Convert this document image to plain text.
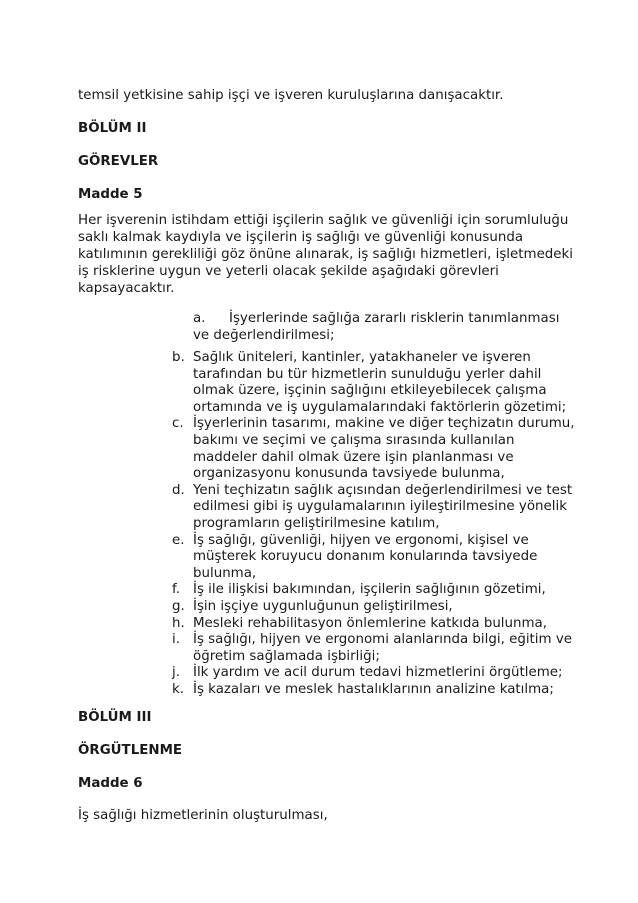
temsil yetkisine sahip işçi ve işveren kuruluşlarına danışacaktır.

BÖLÜM II

GÖREVLER

Madde 5

Her işverenin istihdam ettiği işçilerin sağlık ve güvenliği için sorumluluğu

saklı kalmak kaydıyla ve işçilerin iş sağlığı ve güvenliği konusunda

katılımının gerekliliği göz önüne alınarak, iş sağlığı hizmetleri, işletmedeki

iş risklerine uygun ve yeterli olacak şekilde aşağıdaki görevleri

kapsayacaktır.

a. İşyerlerinde sağlığa zararlı risklerin tanımlanması
ve değerlendirilmesi;
b. Sağlık üniteleri, kantinler, yatakhaneler ve işveren
tarafından bu tür hizmetlerin sunulduğu yerler dahil
olmak üzere, işçinin sağlığını etkileyebilecek çalışma
ortamında ve iş uygulamalarındaki faktörlerin gözetimi;
c. İşyerlerinin tasarımı, makine ve diğer teçhizatın durumu,
bakımı ve seçimi ve çalışma sırasında kullanılan
maddeler dahil olmak üzere işin planlanması ve
organizasyonu konusunda tavsiyede bulunma,
d. Yeni teçhizatın sağlık açısından değerlendirilmesi ve test
edilmesi gibi iş uygulamalarının iyileştirilmesine yönelik
programların geliştirilmesine katılım,
e. İş sağlığı, güvenliği, hijyen ve ergonomi, kişisel ve
müşterek koruyucu donanım konularında tavsiyede
bulunma,
f. İş ile ilişkisi bakımından, işçilerin sağlığının gözetimi,
g. İşin işçiye uygunluğunun geliştirilmesi,
h. Mesleki rehabilitasyon önlemlerine katkıda bulunma,
i. İş sağlığı, hijyen ve ergonomi alanlarında bilgi, eğitim ve
öğretim sağlamada işbirliği;
j. İlk yardım ve acil durum tedavi hizmetlerini örgütleme;
k. İş kazaları ve meslek hastalıklarının analizine katılma;

BÖLÜM III

ÖRGÜTLENME

Madde 6

İş sağlığı hizmetlerinin oluşturulması,
